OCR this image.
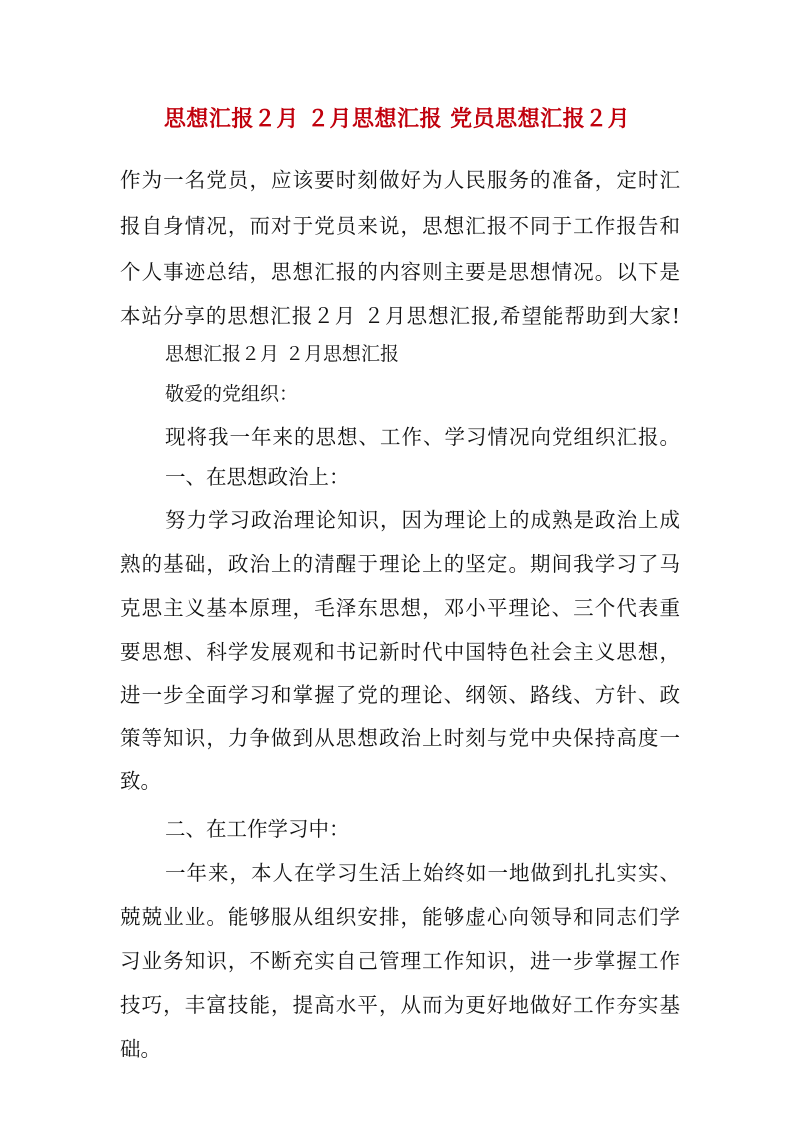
思想汇报２月 ２月思想汇报 党员思想汇报２月
作为一名党员，应该要时刻做好为人民服务的准备，定时汇
报自身情况，而对于党员来说，思想汇报不同于工作报告和
个人事迹总结，思想汇报的内容则主要是思想情况。以下是
本站分享的思想汇报２月 ２月思想汇报,希望能帮助到大家!
思想汇报２月 ２月思想汇报
敬爱的党组织：
现将我一年来的思想、工作、学习情况向党组织汇报。
一、在思想政治上：
努力学习政治理论知识，因为理论上的成熟是政治上成
熟的基础，政治上的清醒于理论上的坚定。期间我学习了马
克思主义基本原理，毛泽东思想，邓小平理论、三个代表重
要思想、科学发展观和书记新时代中国特色社会主义思想，
进一步全面学习和掌握了党的理论、纲领、路线、方针、政
策等知识，力争做到从思想政治上时刻与党中央保持高度一
致。
二、在工作学习中：
一年来，本人在学习生活上始终如一地做到扎扎实实、
兢兢业业。能够服从组织安排，能够虚心向领导和同志们学
习业务知识，不断充实自己管理工作知识，进一步掌握工作
技巧，丰富技能，提高水平，从而为更好地做好工作夯实基
础。
